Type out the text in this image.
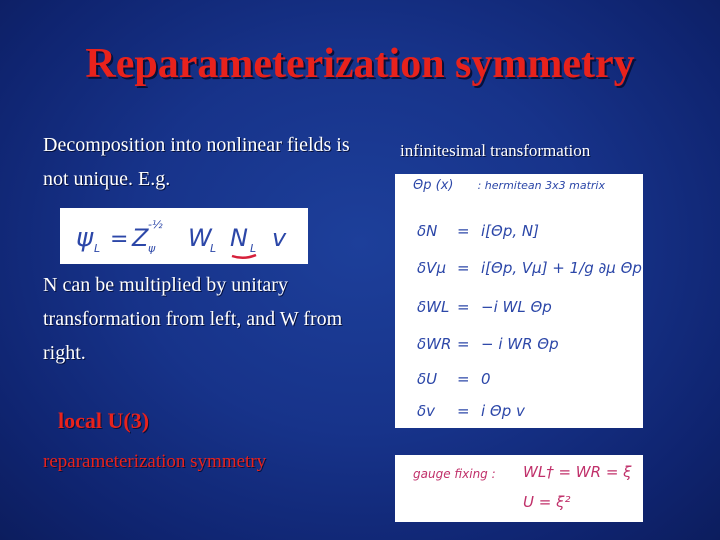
Reparameterization symmetry
Decomposition into nonlinear fields is not unique. E.g.
ψ L = Z ψ
-½ W
L N L v
N can be multiplied by unitary transformation from left, and W from right.
local U(3)
reparameterization symmetry
infinitesimal transformation
Θp (x) : hermitean 3x3 matrix
δN = i[Θp, N]
δVμ = i[Θp, Vμ] + 1/g ∂μ Θp
δWL = −i WL Θp
δWR = − i WR Θp
δU = 0
δv = i Θp v
gauge fixing : WL† = WR = ξ
U = ξ²
